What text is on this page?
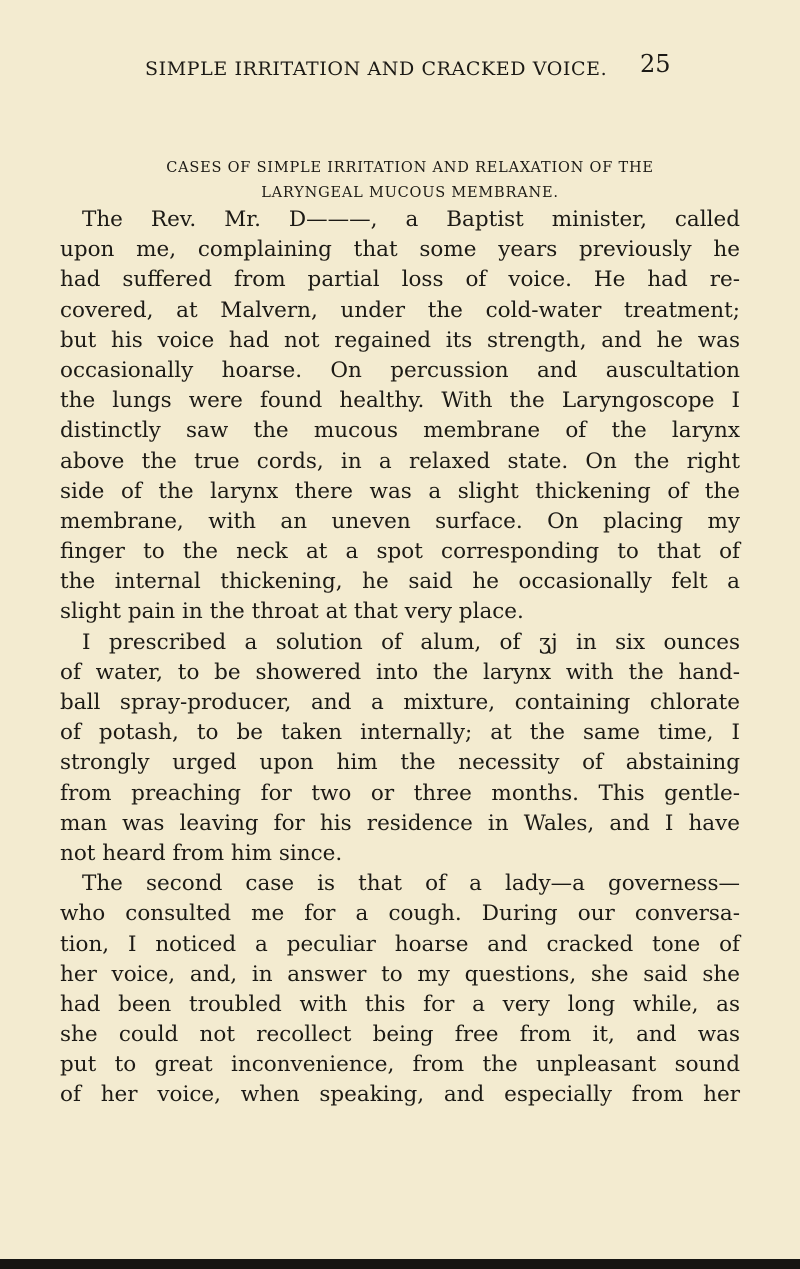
SIMPLE IRRITATION AND CRACKED VOICE. 25
CASES OF SIMPLE IRRITATION AND RELAXATION OF THE
LARYNGEAL MUCOUS MEMBRANE.
The Rev. Mr. D———, a Baptist minister, called
upon me, complaining that some years previously he
had suffered from partial loss of voice. He had re-
covered, at Malvern, under the cold-water treatment;
but his voice had not regained its strength, and he was
occasionally hoarse. On percussion and auscultation
the lungs were found healthy. With the Laryngoscope I
distinctly saw the mucous membrane of the larynx
above the true cords, in a relaxed state. On the right
side of the larynx there was a slight thickening of the
membrane, with an uneven surface. On placing my
finger to the neck at a spot corresponding to that of
the internal thickening, he said he occasionally felt a
slight pain in the throat at that very place.
I prescribed a solution of alum, of ʒj in six ounces
of water, to be showered into the larynx with the hand-
ball spray-producer, and a mixture, containing chlorate
of potash, to be taken internally; at the same time, I
strongly urged upon him the necessity of abstaining
from preaching for two or three months. This gentle-
man was leaving for his residence in Wales, and I have
not heard from him since.
The second case is that of a lady—a governess—
who consulted me for a cough. During our conversa-
tion, I noticed a peculiar hoarse and cracked tone of
her voice, and, in answer to my questions, she said she
had been troubled with this for a very long while, as
she could not recollect being free from it, and was
put to great inconvenience, from the unpleasant sound
of her voice, when speaking, and especially from her
